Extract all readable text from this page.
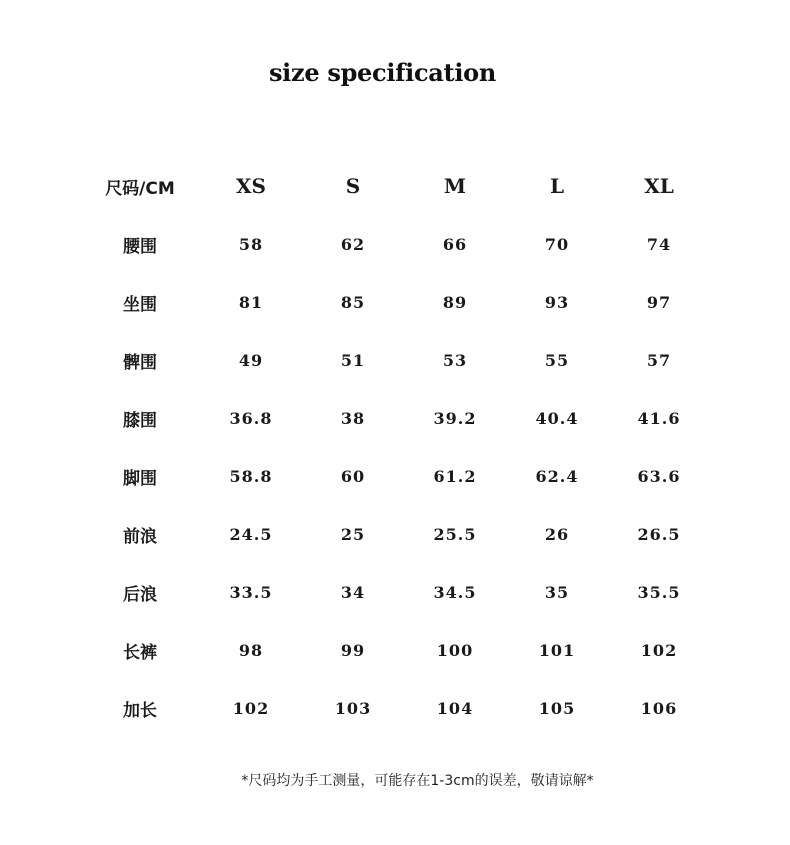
size specification
尺码/CM	XS	S	M	L	XL
腰围	58	62	66	70	74
坐围	81	85	89	93	97
髀围	49	51	53	55	57
膝围	36.8	38	39.2	40.4	41.6
脚围	58.8	60	61.2	62.4	63.6
前浪	24.5	25	25.5	26	26.5
后浪	33.5	34	34.5	35	35.5
长裤	98	99	100	101	102
加长	102	103	104	105	106
*尺码均为手工测量，可能存在1-3cm的误差，敬请谅解*
